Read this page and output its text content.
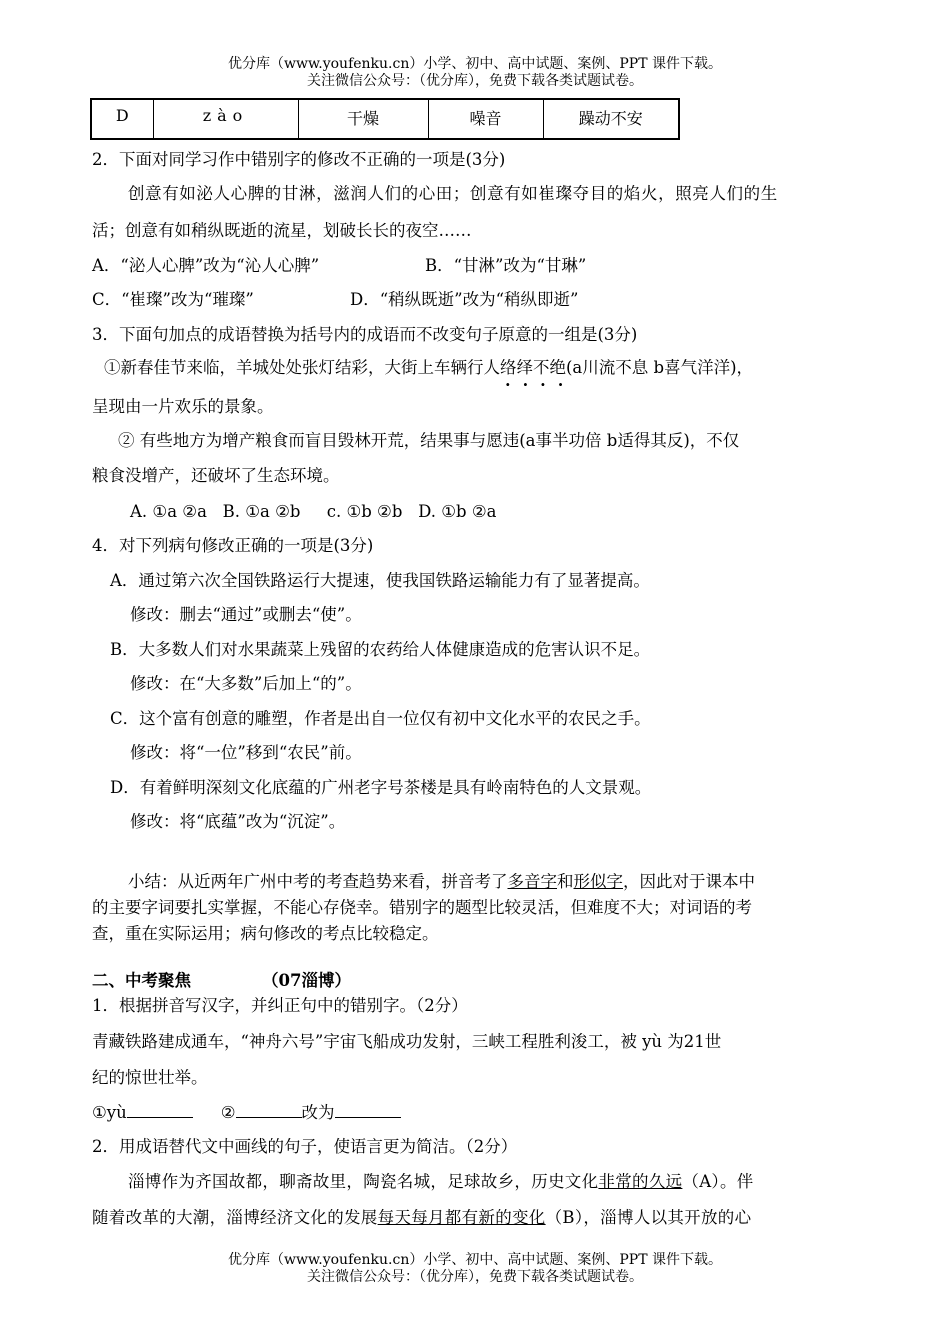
优分库（www.youfenku.cn）小学、初中、高中试题、案例、PPT 课件下载。
关注微信公众号：（优分库），免费下载各类试题试卷。
D	zào	干燥	噪音	躁动不安
2．下面对同学习作中错别字的修改不正确的一项是(3分)
创意有如泌人心脾的甘淋，滋润人们的心田；创意有如崔璨夺目的焰火，照亮人们的生
活；创意有如稍纵既逝的流星，划破长长的夜空……
A．“泌人心脾”改为“沁人心脾”	B．“甘淋”改为“甘琳”
C．“崔璨”改为“璀璨”	D．“稍纵既逝”改为“稍纵即逝”
3．下面句加点的成语替换为括号内的成语而不改变句子原意的一组是(3分)
①新春佳节来临，羊城处处张灯结彩，大街上车辆行人络绎不绝
····
(a川流不息 b喜气洋洋)，
呈现由一片欢乐的景象。
② 有些地方为增产粮食而盲目毁林开荒，结果事与愿违(a事半功倍 b适得其反)，不仅
粮食没增产，还破坏了生态环境。
A. ①a ②a   B. ①a ②b     c. ①b ②b   D. ①b ②a
4．对下列病句修改正确的一项是(3分)
A．通过第六次全国铁路运行大提速，使我国铁路运输能力有了显著提高。
修改：删去“通过”或删去“使”。
B．大多数人们对水果蔬菜上残留的农药给人体健康造成的危害认识不足。
修改：在“大多数”后加上“的”。
C．这个富有创意的雕塑，作者是出自一位仅有初中文化水平的农民之手。
修改：将“一位”移到“农民”前。
D．有着鲜明深刻文化底蕴的广州老字号茶楼是具有岭南特色的人文景观。
修改：将“底蕴”改为“沉淀”。
小结：从近两年广州中考的考查趋势来看，拼音考了多音字和形似字，因此对于课本中
的主要字词要扎实掌握，不能心存侥幸。错别字的题型比较灵活，但难度不大；对词语的考
查，重在实际运用；病句修改的考点比较稳定。
二、中考聚焦	（07淄博）
1．根据拼音写汉字，并纠正句中的错别字。（2分）
青藏铁路建成通车，“神舟六号”宇宙飞船成功发射，三峡工程胜利浚工，被 yù 为21世
纪的惊世壮举。
①yù	②	改为
2．用成语替代文中画线的句子，使语言更为简洁。（2分）
淄博作为齐国故都，聊斋故里，陶瓷名城，足球故乡，历史文化非常的久远（A）。伴
随着改革的大潮，淄博经济文化的发展每天每月都有新的变化（B），淄博人以其开放的心
优分库（www.youfenku.cn）小学、初中、高中试题、案例、PPT 课件下载。
关注微信公众号：（优分库），免费下载各类试题试卷。
